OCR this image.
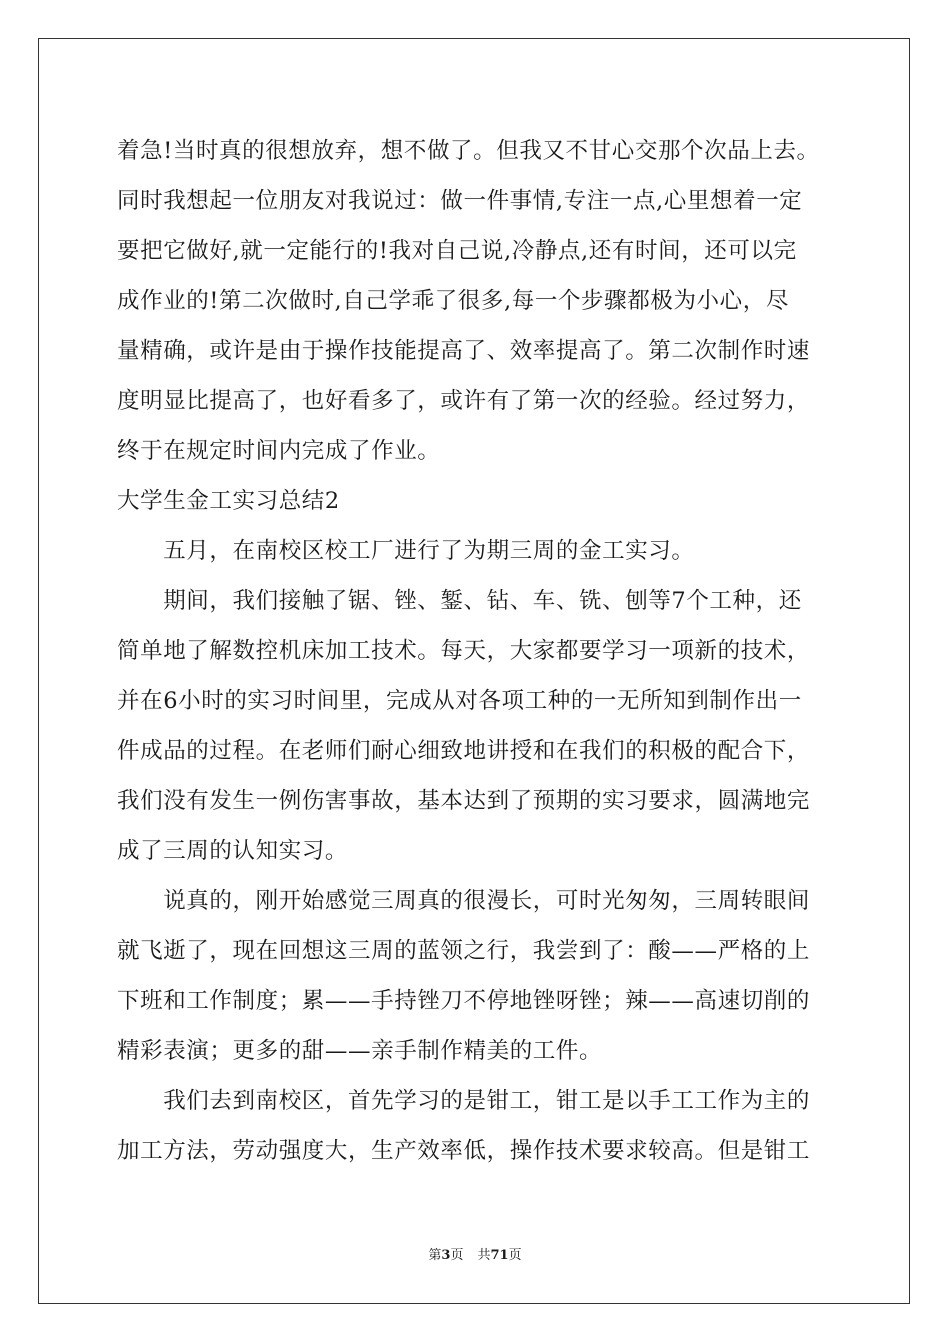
着急!当时真的很想放弃，想不做了。但我又不甘心交那个次品上去。
同时我想起一位朋友对我说过：做一件事情,专注一点,心里想着一定
要把它做好,就一定能行的!我对自己说,冷静点,还有时间，还可以完
成作业的!第二次做时,自己学乖了很多,每一个步骤都极为小心，尽
量精确，或许是由于操作技能提高了、效率提高了。第二次制作时速
度明显比提高了，也好看多了，或许有了第一次的经验。经过努力，
终于在规定时间内完成了作业。
大学生金工实习总结2
　　五月，在南校区校工厂进行了为期三周的金工实习。
　　期间，我们接触了锯、锉、錾、钻、车、铣、刨等7个工种，还
简单地了解数控机床加工技术。每天，大家都要学习一项新的技术，
并在6小时的实习时间里，完成从对各项工种的一无所知到制作出一
件成品的过程。在老师们耐心细致地讲授和在我们的积极的配合下，
我们没有发生一例伤害事故，基本达到了预期的实习要求，圆满地完
成了三周的认知实习。
　　说真的，刚开始感觉三周真的很漫长，可时光匆匆，三周转眼间
就飞逝了，现在回想这三周的蓝领之行，我尝到了：酸——严格的上
下班和工作制度；累——手持锉刀不停地锉呀锉；辣——高速切削的
精彩表演；更多的甜——亲手制作精美的工件。
　　我们去到南校区，首先学习的是钳工，钳工是以手工工作为主的
加工方法，劳动强度大，生产效率低，操作技术要求较高。但是钳工
第3页 共71页
